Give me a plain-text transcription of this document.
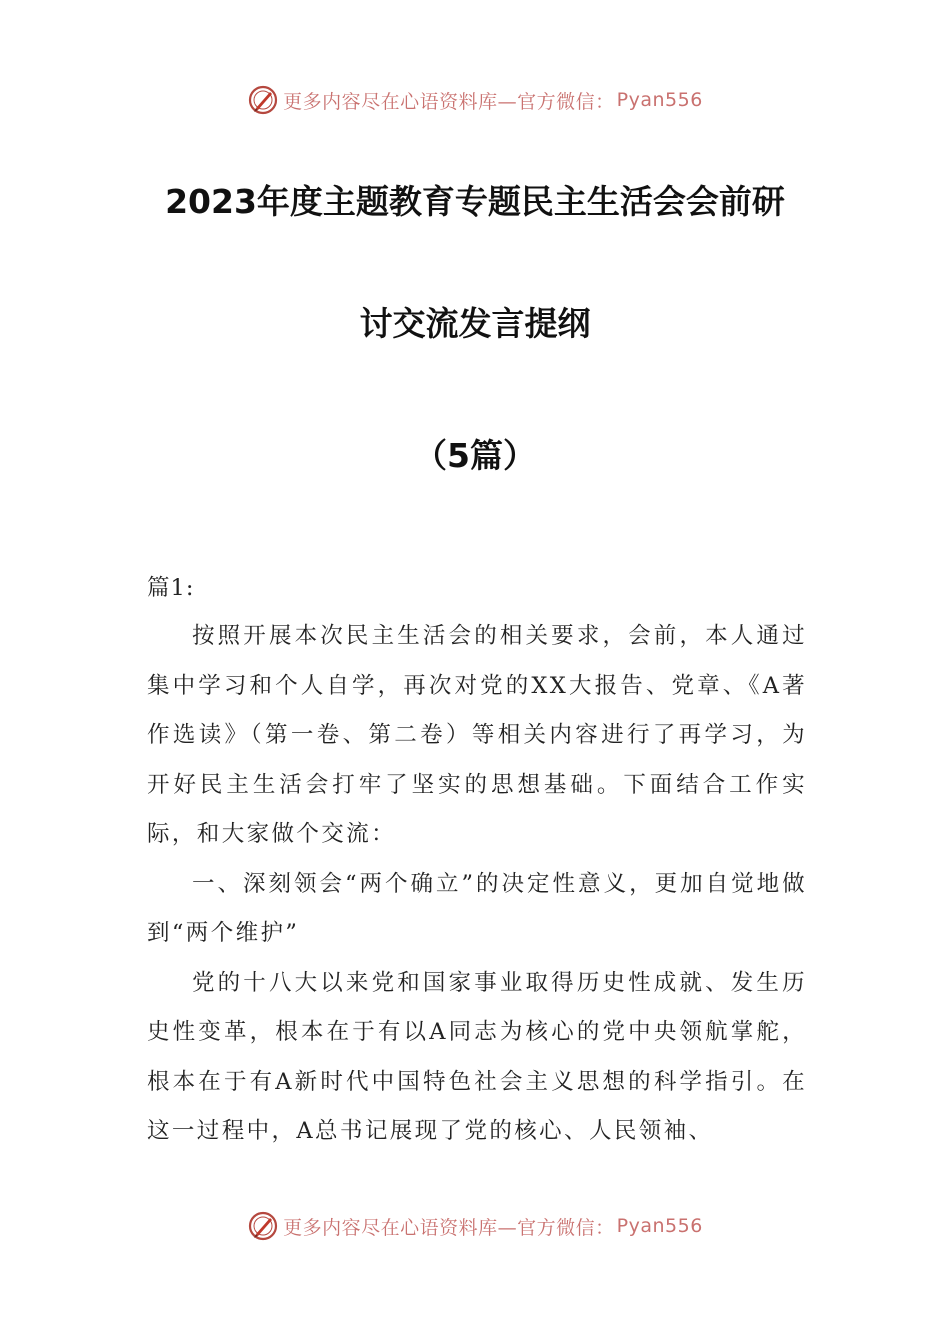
更多内容尽在心语资料库—官方微信： Pyan556
2023年度主题教育专题民主生活会会前研
讨交流发言提纲
（5篇）
篇1:

按照开展本次民主生活会的相关要求，会前，本人通过集中学习和个人自学，再次对党的XX大报告、党章、《A著作选读》（第一卷、第二卷）等相关内容进行了再学习，为开好民主生活会打牢了坚实的思想基础。下面结合工作实际，和大家做个交流：

一、深刻领会“两个确立”的决定性意义，更加自觉地做到“两个维护”

党的十八大以来党和国家事业取得历史性成就、发生历史性变革，根本在于有以A同志为核心的党中央领航掌舵，根本在于有A新时代中国特色社会主义思想的科学指引。在这一过程中，A总书记展现了党的核心、人民领袖、

更多内容尽在心语资料库—官方微信： Pyan556
